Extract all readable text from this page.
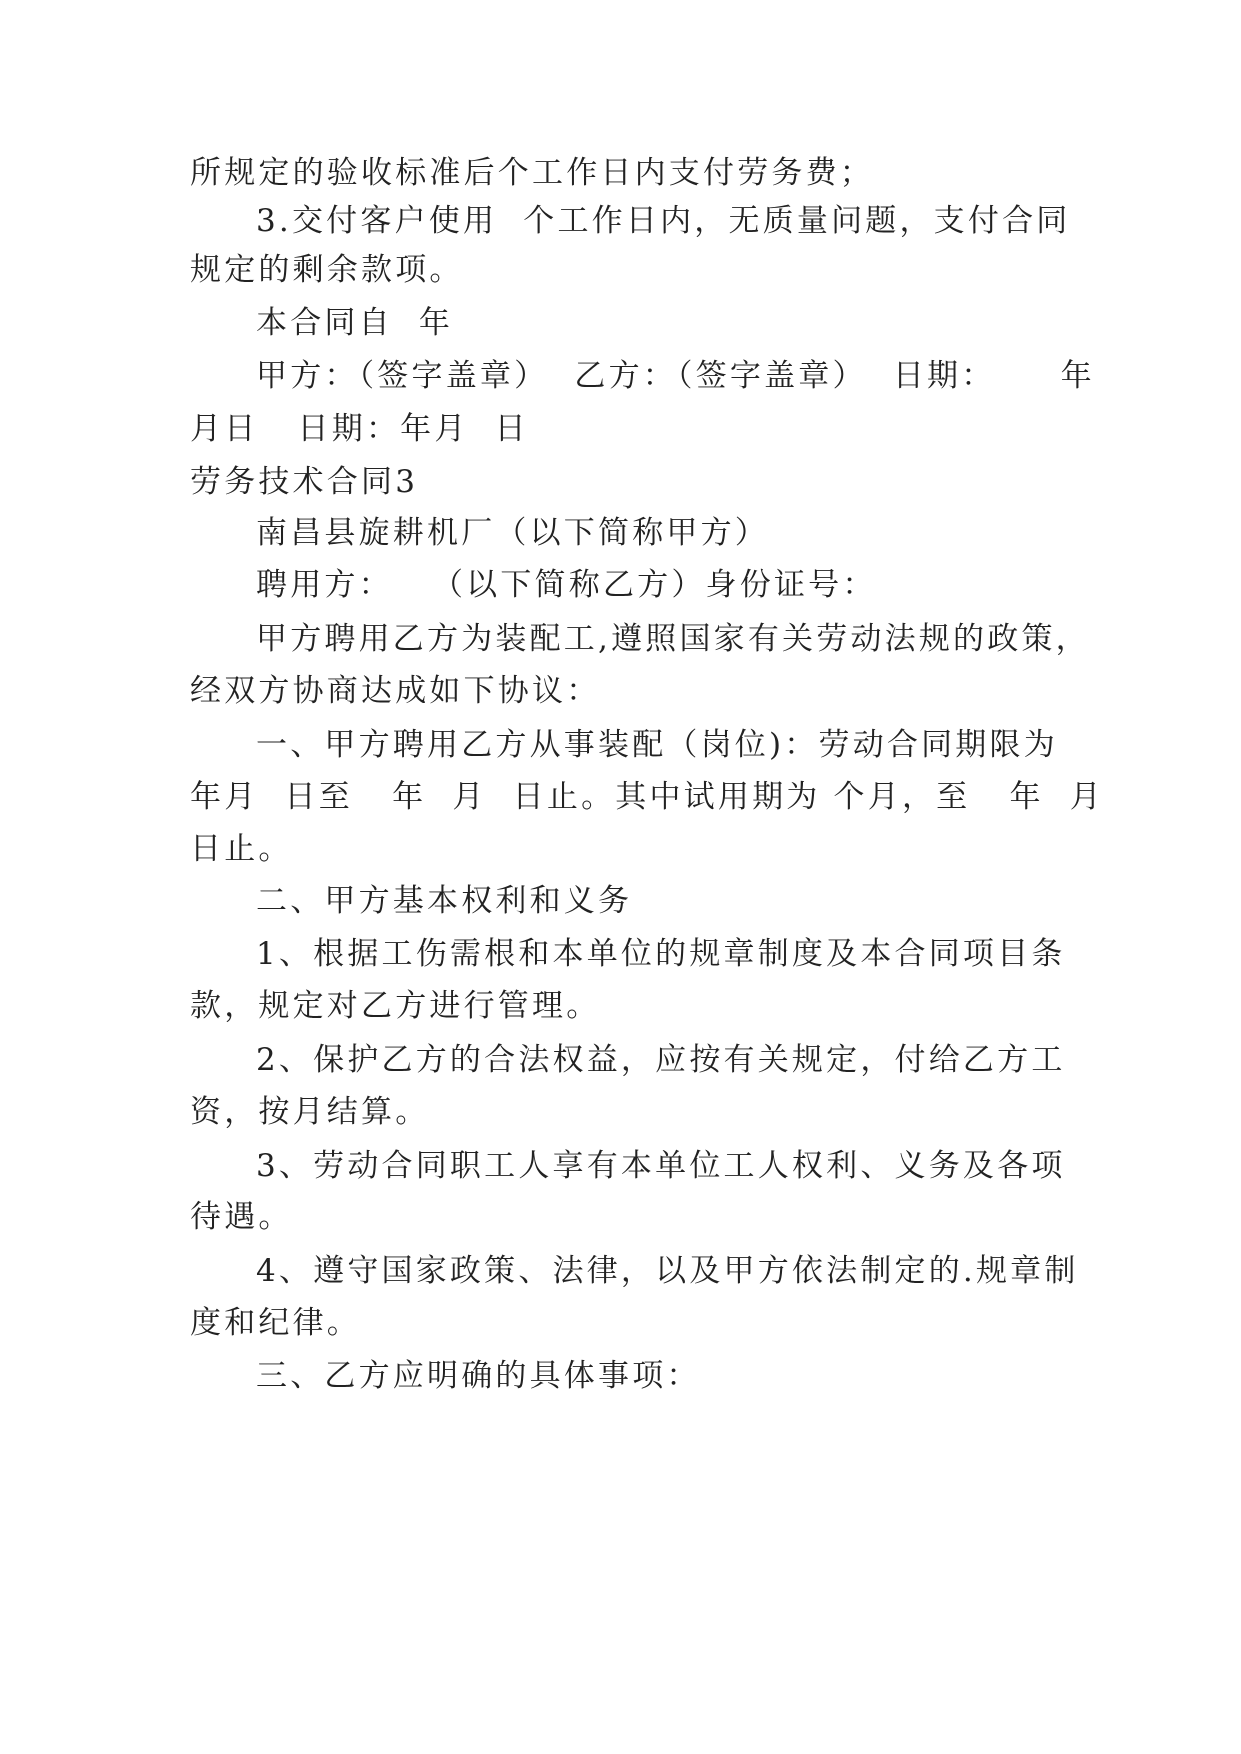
所规定的验收标准后个工作日内支付劳务费；

3.交付客户使用  个工作日内，无质量问题，支付合同

规定的剩余款项。

本合同自  年

甲方：（签字盖章）  乙方：（签字盖章）  日期：     年

月日   日期：年月  日

劳务技术合同3

南昌县旋耕机厂（以下简称甲方）

聘用方：   （以下简称乙方）身份证号：

甲方聘用乙方为装配工,遵照国家有关劳动法规的政策，

经双方协商达成如下协议：

一、甲方聘用乙方从事装配（岗位)：劳动合同期限为

年月  日至   年  月  日止。其中试用期为 个月，至   年  月

日止。

二、甲方基本权利和义务

1、根据工伤需根和本单位的规章制度及本合同项目条

款，规定对乙方进行管理。

2、保护乙方的合法权益，应按有关规定，付给乙方工

资，按月结算。

3、劳动合同职工人享有本单位工人权利、义务及各项

待遇。

4、遵守国家政策、法律，以及甲方依法制定的.规章制

度和纪律。

三、乙方应明确的具体事项：
